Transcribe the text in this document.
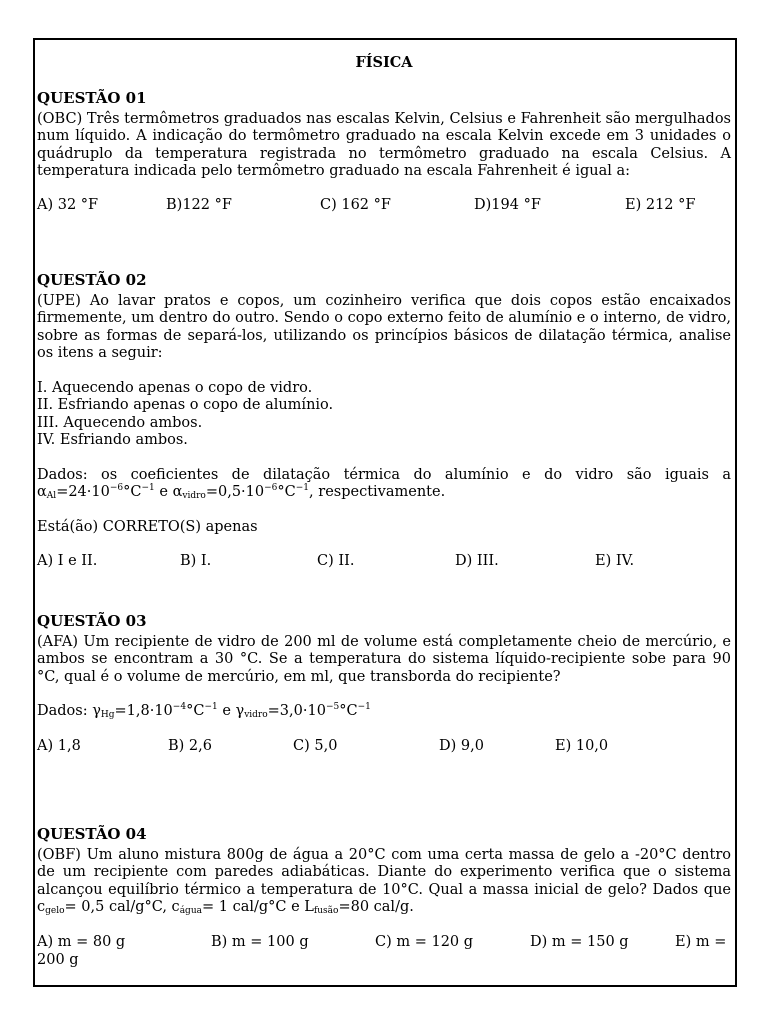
FÍSICA
QUESTÃO 01
(OBC) Três termômetros graduados nas escalas Kelvin, Celsius e Fahrenheit são mergulhados num líquido. A indicação do termômetro graduado na escala Kelvin excede em 3 unidades o quádruplo da temperatura registrada no termômetro graduado na escala Celsius. A temperatura indicada pelo termômetro graduado na escala Fahrenheit é igual a:
A) 32 °F	B)122 °F	C) 162 °F	D)194 °F	E) 212 °F
QUESTÃO 02
(UPE) Ao lavar pratos e copos, um cozinheiro verifica que dois copos estão encaixados firmemente, um dentro do outro. Sendo o copo externo feito de alumínio e o interno, de vidro, sobre as formas de separá-los, utilizando os princípios básicos de dilatação térmica, analise os itens a seguir:
I. Aquecendo apenas o copo de vidro.
II. Esfriando apenas o copo de alumínio.
III. Aquecendo ambos.
IV. Esfriando ambos.
Dados: os coeficientes de dilatação térmica do alumínio e do vidro são iguais a $\alpha_{Al}=24\cdot 10^{-6}^\circ C^{-1}$ e $\alpha_{vidro}=0,5\cdot 10^{-6}^\circ C^{-1}$, respectivamente.
Está(ão) CORRETO(S) apenas
A) I e II.	B) I.	C) II.	D) III.	E) IV.
QUESTÃO 03
(AFA) Um recipiente de vidro de 200 ml de volume está completamente cheio de mercúrio, e ambos se encontram a 30 °C. Se a temperatura do sistema líquido-recipiente sobe para 90 °C, qual é o volume de mercúrio, em ml, que transborda do recipiente?
Dados: $\gamma_{Hg}=1,8\cdot 10^{-4}^\circ C^{-1}$ e $\gamma_{vidro}=3,0\cdot 10^{-5}^\circ C^{-1}$
A) 1,8	B) 2,6	C) 5,0	D) 9,0	E) 10,0
QUESTÃO 04
(OBF) Um aluno mistura 800g de água a 20°C com uma certa massa de gelo a -20°C dentro de um recipiente com paredes adiabáticas. Diante do experimento verifica que o sistema alcançou equilíbrio térmico a temperatura de 10°C. Qual a massa inicial de gelo? Dados que $c_{gelo}= 0,5$ cal/g°C, $c_{água}= 1$ cal/g°C e $L_{fusão}=80$ cal/g.
A) m = 80 g	B) m = 100 g	C) m = 120 g	D) m = 150 g	E) m =
200 g
